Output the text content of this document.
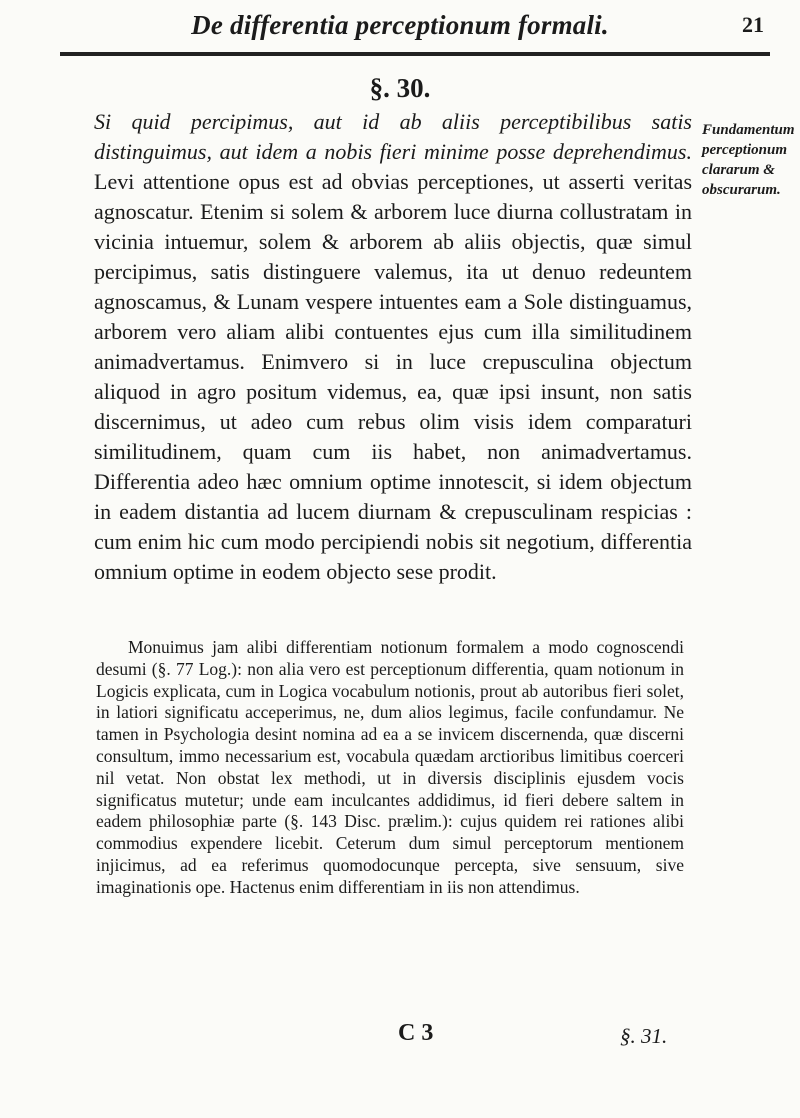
De differentia perceptionum formali.	21
§. 30.

Si quid percipimus, aut id ab aliis perceptibilibus satis distinguimus, aut idem a nobis fieri minime posse deprehendimus. Levi attentione opus est ad obvias perceptiones, ut asserti veritas agnoscatur. Etenim si solem & arborem luce diurna collustratam in vicinia intuemur, solem & arborem ab aliis objectis, quæ simul percipimus, satis distinguere valemus, ita ut denuo redeuntem agnoscamus, & Lunam vespere intuentes eam a Sole distinguamus, arborem vero aliam alibi contuentes ejus cum illa similitudinem animadvertamus. Enimvero si in luce crepusculina objectum aliquod in agro positum videmus, ea, quæ ipsi insunt, non satis discernimus, ut adeo cum rebus olim visis idem comparaturi similitudinem, quam cum iis habet, non animadvertamus. Differentia adeo hæc omnium optime innotescit, si idem objectum in eadem distantia ad lucem diurnam & crepusculinam respicias : cum enim hic cum modo percipiendi nobis sit negotium, differentia omnium optime in eodem objecto sese prodit.

Fundamentum perceptionum clararum & obscurarum.

Monuimus jam alibi differentiam notionum formalem a modo cognoscendi desumi (§. 77 Log.): non alia vero est perceptionum differentia, quam notionum in Logicis explicata, cum in Logica vocabulum notionis, prout ab autoribus fieri solet, in latiori significatu acceperimus, ne, dum alios legimus, facile confundamur. Ne tamen in Psychologia desint nomina ad ea a se invicem discernenda, quæ discerni consultum, immo necessarium est, vocabula quædam arctioribus limitibus coerceri nil vetat. Non obstat lex methodi, ut in diversis disciplinis ejusdem vocis significatus mutetur; unde eam inculcantes addidimus, id fieri debere saltem in eadem philosophiæ parte (§. 143 Disc. prælim.): cujus quidem rei rationes alibi commodius expendere licebit. Ceterum dum simul perceptorum mentionem injicimus, ad ea referimus quomodocunque percepta, sive sensuum, sive imaginationis ope. Hactenus enim differentiam in iis non attendimus.

C 3	§. 31.
